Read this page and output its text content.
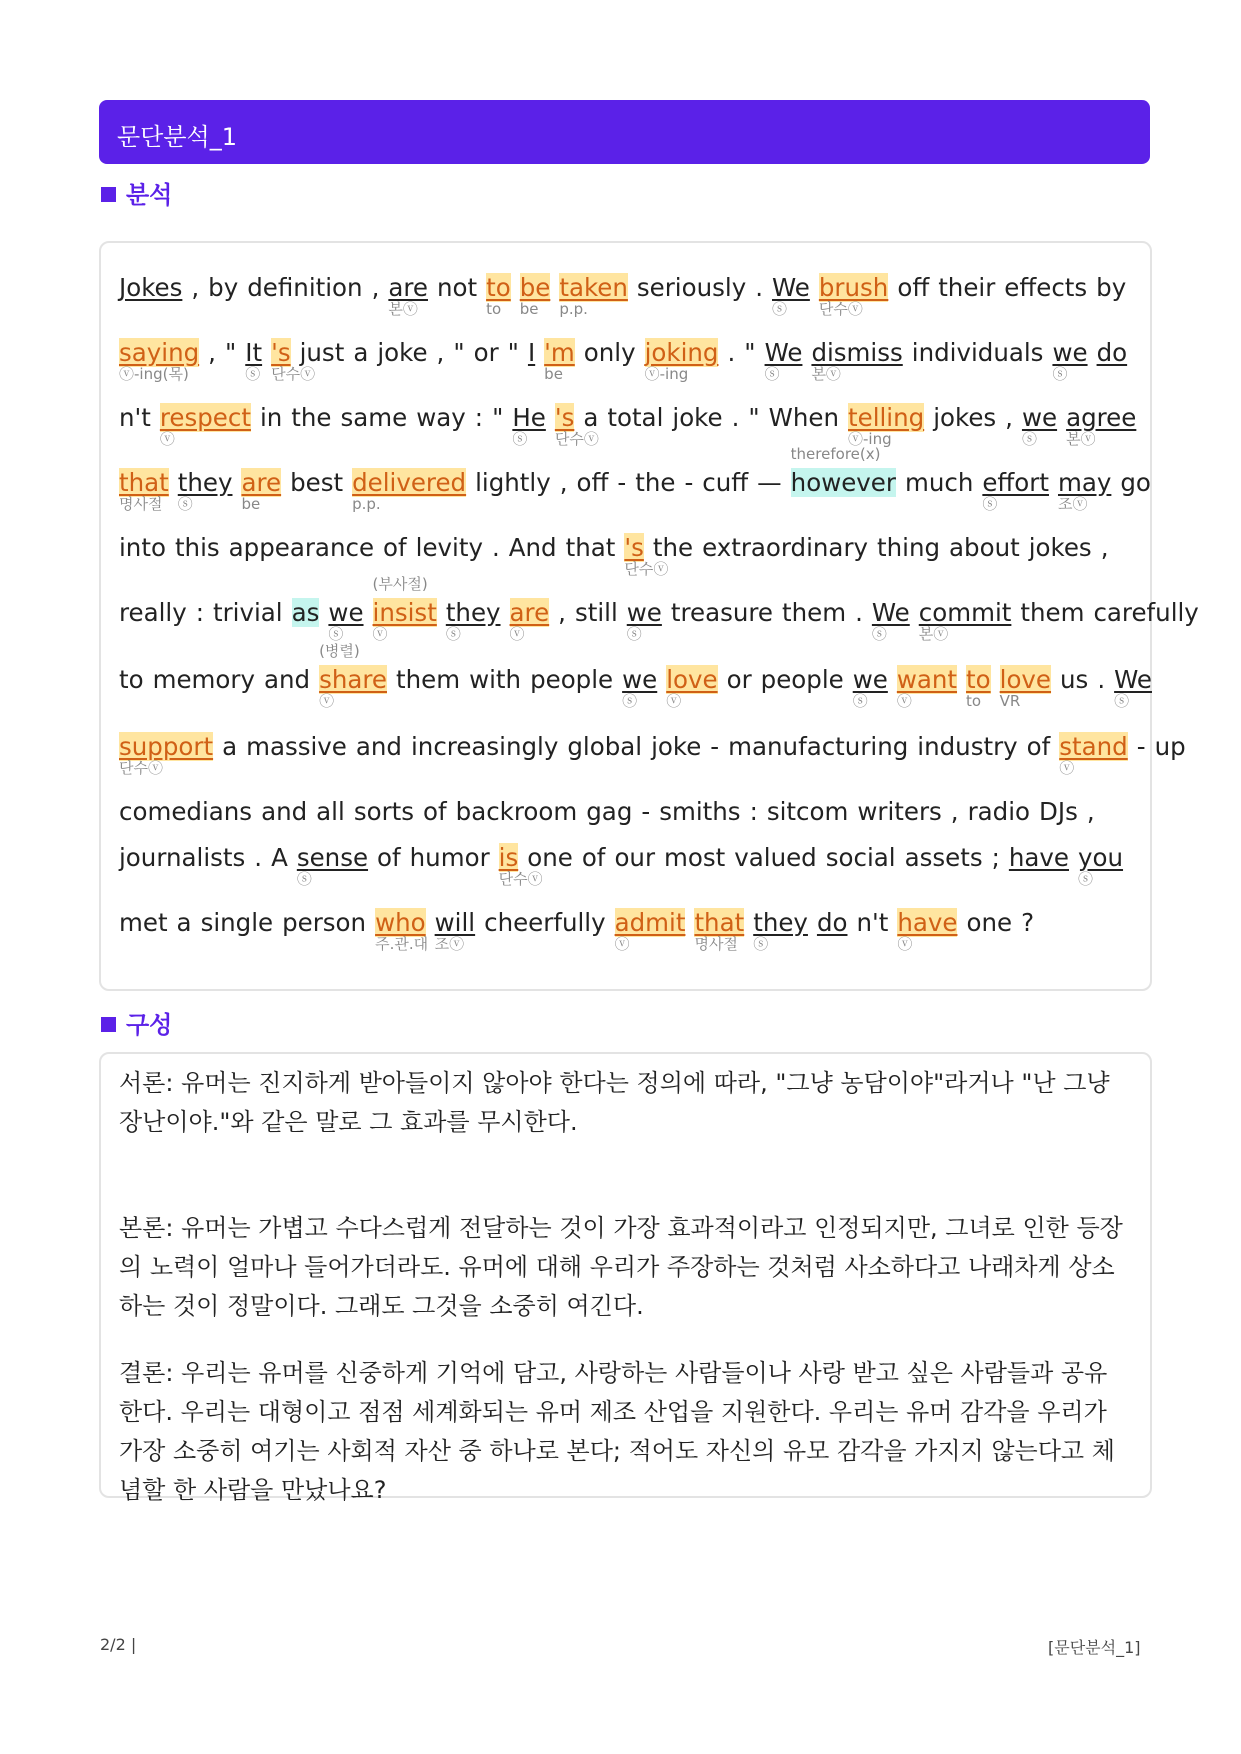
문단분석_1
분석
Jokes , by definition , are
본ⓥ
not to
to
be
be
taken
p.p.
seriously . We
ⓢ
brush
단수ⓥ
off their effects by
saying
ⓥ-ing(목)
, " It
ⓢ
's
단수ⓥ
just a joke , " or " I 'm
be
only joking
ⓥ-ing
. " We
ⓢ
dismiss
본ⓥ
individuals we
ⓢ
do
n't respect
ⓥ
in the same way : " He
ⓢ
's
단수ⓥ
a total joke . " When telling
ⓥ-ing
jokes , we
ⓢ
agree
본ⓥ
that
명사절
they
ⓢ
are
be
best delivered
p.p.
lightly , off - the - cuff — however
therefore(x)
much effort
ⓢ
may
조ⓥ
go
into this appearance of levity . And that 's
단수ⓥ
the extraordinary thing about jokes ,
really : trivial as we
ⓢ
insist
ⓥ
(부사절)
they
ⓢ
are
ⓥ
, still we
ⓢ
treasure them . We
ⓢ
commit
본ⓥ
them carefully
to memory and share
ⓥ
(병렬)
them with people we
ⓢ
love
ⓥ
or people we
ⓢ
want
ⓥ
to
to
love
VR
us . We
ⓢ
support
단수ⓥ
a massive and increasingly global joke - manufacturing industry of stand
ⓥ
- up
comedians and all sorts of backroom gag - smiths : sitcom writers , radio DJs ,
journalists . A sense
ⓢ
of humor is
단수ⓥ
one of our most valued social assets ; have you
ⓢ
met a single person who
주.관.대
will
조ⓥ
cheerfully admit
ⓥ
that
명사절
they
ⓢ
do n't have
ⓥ
one ?
구성
서론: 유머는 진지하게 받아들이지 않아야 한다는 정의에 따라, "그냥 농담이야"라거나 "난 그냥 장난이야."와 같은 말로 그 효과를 무시한다.
본론: 유머는 가볍고 수다스럽게 전달하는 것이 가장 효과적이라고 인정되지만, 그녀로 인한 등장의 노력이 얼마나 들어가더라도. 유머에 대해 우리가 주장하는 것처럼 사소하다고 나래차게 상소하는 것이 정말이다. 그래도 그것을 소중히 여긴다.
결론: 우리는 유머를 신중하게 기억에 담고, 사랑하는 사람들이나 사랑 받고 싶은 사람들과 공유한다. 우리는 대형이고 점점 세계화되는 유머 제조 산업을 지원한다. 우리는 유머 감각을 우리가 가장 소중히 여기는 사회적 자산 중 하나로 본다; 적어도 자신의 유모 감각을 가지지 않는다고 체념할 한 사람을 만났나요?
2/2 |	[문단분석_1]
